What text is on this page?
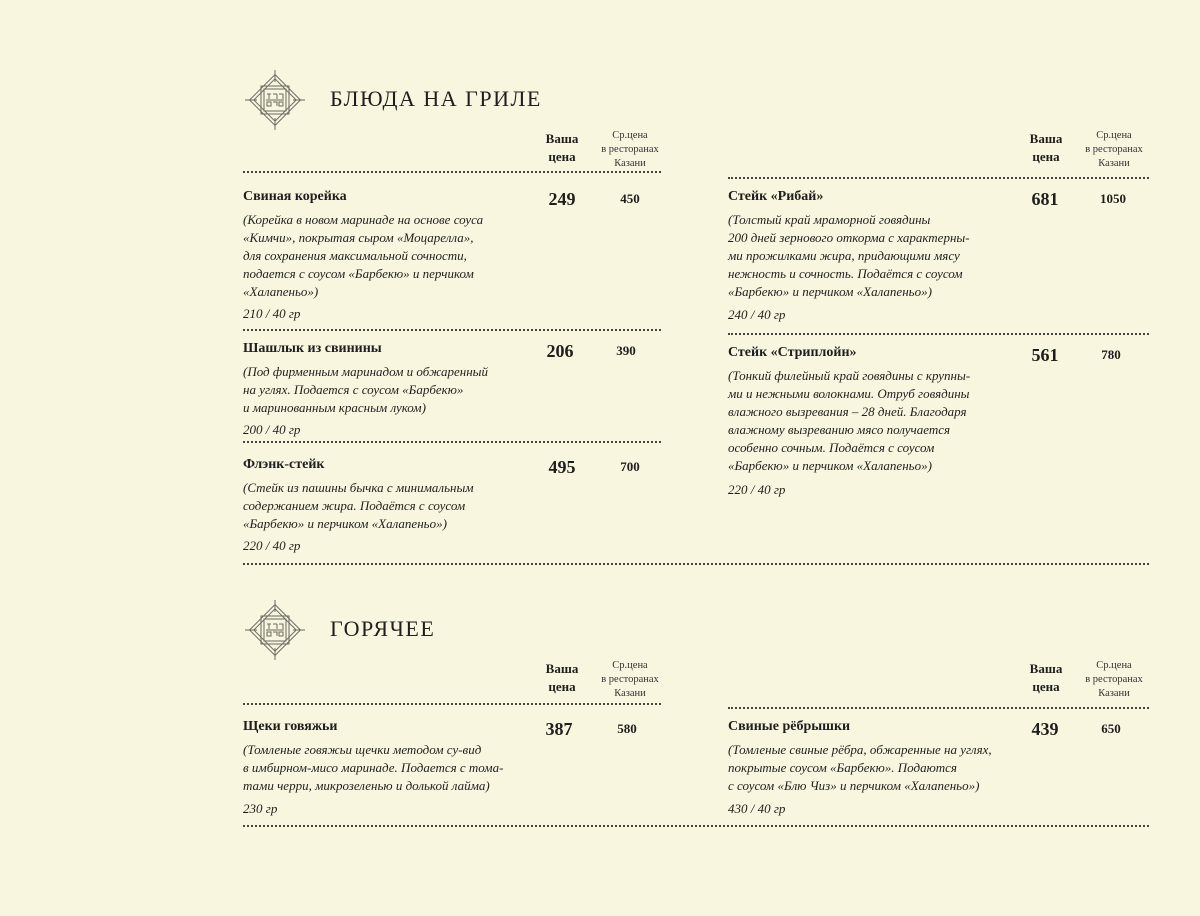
БЛЮДА НА ГРИЛЕ
Ваша
цена
Ср.цена
в ресторанах
Казани
Ваша
цена
Ср.цена
в ресторанах
Казани
Свиная корейка	249	450
(Корейка в новом маринаде на основе соуса
«Кимчи», покрытая сыром «Моцарелла»,
для сохранения максимальной сочности,
подается с соусом «Барбекю» и перчиком
«Халапеньо»)
210 / 40 гр
Шашлык из свинины	206	390
(Под фирменным маринадом и обжаренный
на углях. Подается с соусом «Барбекю»
и маринованным красным луком)
200 / 40 гр
Флэнк-стейк	495	700
(Стейк из пашины бычка с минимальным
содержанием жира. Подаётся с соусом
«Барбекю» и перчиком «Халапеньо»)
220 / 40 гр
Стейк «Рибай»	681	1050
(Толстый край мраморной говядины
200 дней зернового откорма с характерны-
ми прожилками жира, придающими мясу
нежность и сочность. Подаётся с соусом
«Барбекю» и перчиком «Халапеньо»)
240 / 40 гр
Стейк «Стриплойн»	561	780
(Тонкий филейный край говядины с крупны-
ми и нежными волокнами. Отруб говядины
влажного вызревания – 28 дней. Благодаря
влажному вызреванию мясо получается
особенно сочным. Подаётся с соусом
«Барбекю» и перчиком «Халапеньо»)
220 / 40 гр
ГОРЯЧЕЕ
Ваша
цена
Ср.цена
в ресторанах
Казани
Ваша
цена
Ср.цена
в ресторанах
Казани
Щеки говяжьи	387	580
(Томленые говяжьи щечки методом су-вид
в имбирном-мисо маринаде. Подается с тома-
тами черри, микрозеленью и долькой лайма)
230 гр
Свиные рёбрышки	439	650
(Томленые свиные рёбра, обжаренные на углях,
покрытые соусом «Барбекю». Подаются
с соусом «Блю Чиз» и перчиком «Халапеньо»)
430 / 40 гр
